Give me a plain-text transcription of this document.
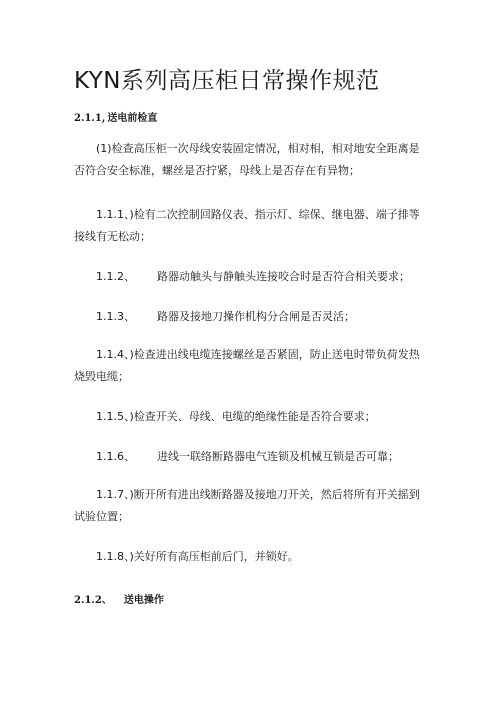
KYN系列高压柜日常操作规范
2.1.1, 送电前检直

(1)检查高压柜一次母线安装固定情况，相对相，相对地安全距离是否符合安全标准，螺丝是否拧紧，母线上是否存在有异物；

1.1.1、)检有二次控制回路仪表、指示灯、综保、继电器、端子排等接线有无松动；

1.1.2、 路器动触头与静触头连接咬合时是否符合相关要求；

1.1.3、 路器及接地刀操作机构分合闸是否灵活；

1.1.4、)检查进出线电缆连接螺丝是否紧固，防止送电时带负荷发热烧毁电缆；

1.1.5、)检查开关、母线、电缆的绝缘性能是否符合要求；

1.1.6、 进线一联络断路器电气连锁及机械互锁是否可靠；

1.1.7、)断开所有进出线断路器及接地刀开关，然后将所有开关摇到试验位置；

1.1.8、)关好所有高压柜前后门，并锁好。

2.1.2、 送电操作
